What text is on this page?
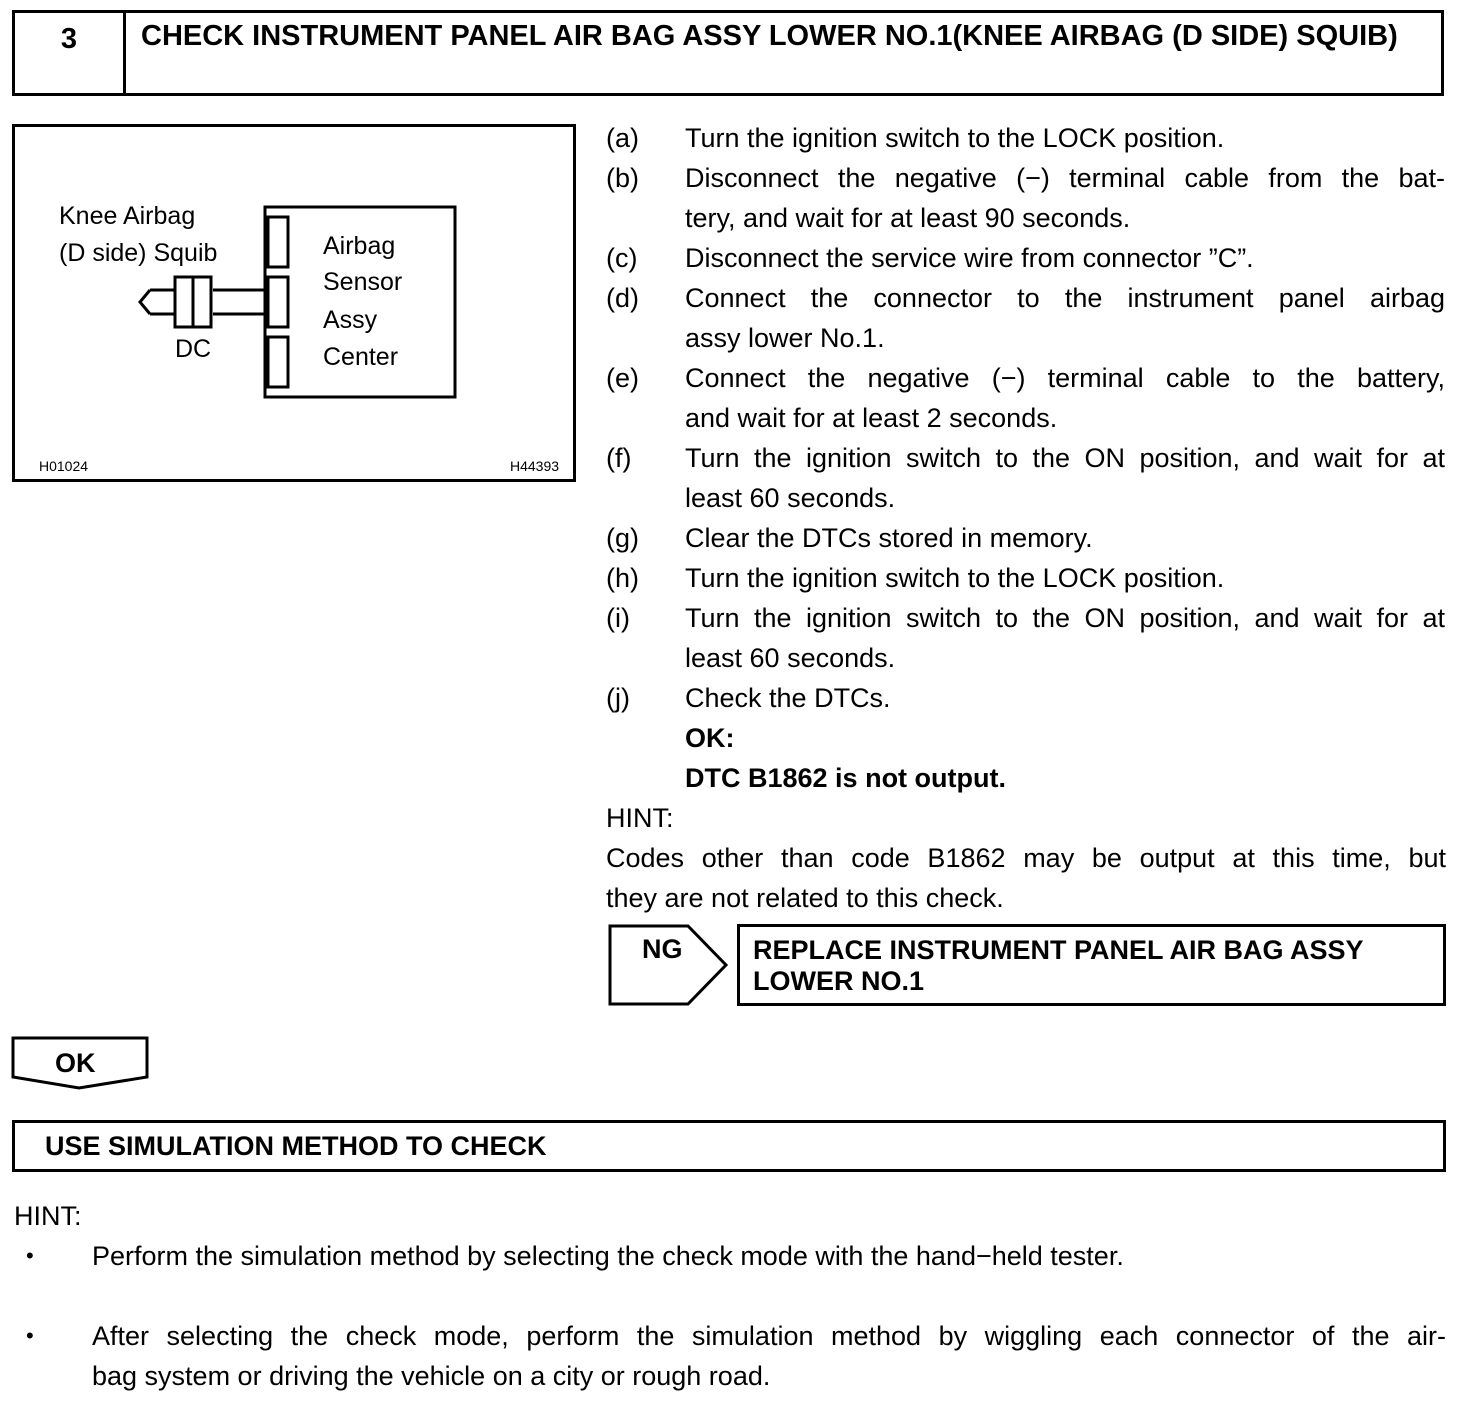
3	CHECK INSTRUMENT PANEL AIR BAG ASSY LOWER NO.1(KNEE AIRBAG (D SIDE) SQUIB)
Knee Airbag
(D side) Squib
DC
Airbag
Sensor
Assy
Center
H01024	H44393
(a)	Turn the ignition switch to the LOCK position.
(b)	Disconnect the negative (−) terminal cable from the bat-
tery, and wait for at least 90 seconds.
(c)	Disconnect the service wire from connector ”C”.
(d)	Connect the connector to the instrument panel airbag
assy lower No.1.
(e)	Connect the negative (−) terminal cable to the battery,
and wait for at least 2 seconds.
(f)	Turn the ignition switch to the ON position, and wait for at
least 60 seconds.
(g)	Clear the DTCs stored in memory.
(h)	Turn the ignition switch to the LOCK position.
(i)	Turn the ignition switch to the ON position, and wait for at
least 60 seconds.
(j)	Check the DTCs.
OK:
DTC B1862 is not output.
HINT:
Codes other than code B1862 may be output at this time, but
they are not related to this check.
NG	REPLACE INSTRUMENT PANEL AIR BAG ASSY
LOWER NO.1
OK
USE SIMULATION METHOD TO CHECK
HINT:
• Perform the simulation method by selecting the check mode with the hand−held tester.
• After selecting the check mode, perform the simulation method by wiggling each connector of the air-
bag system or driving the vehicle on a city or rough road.
